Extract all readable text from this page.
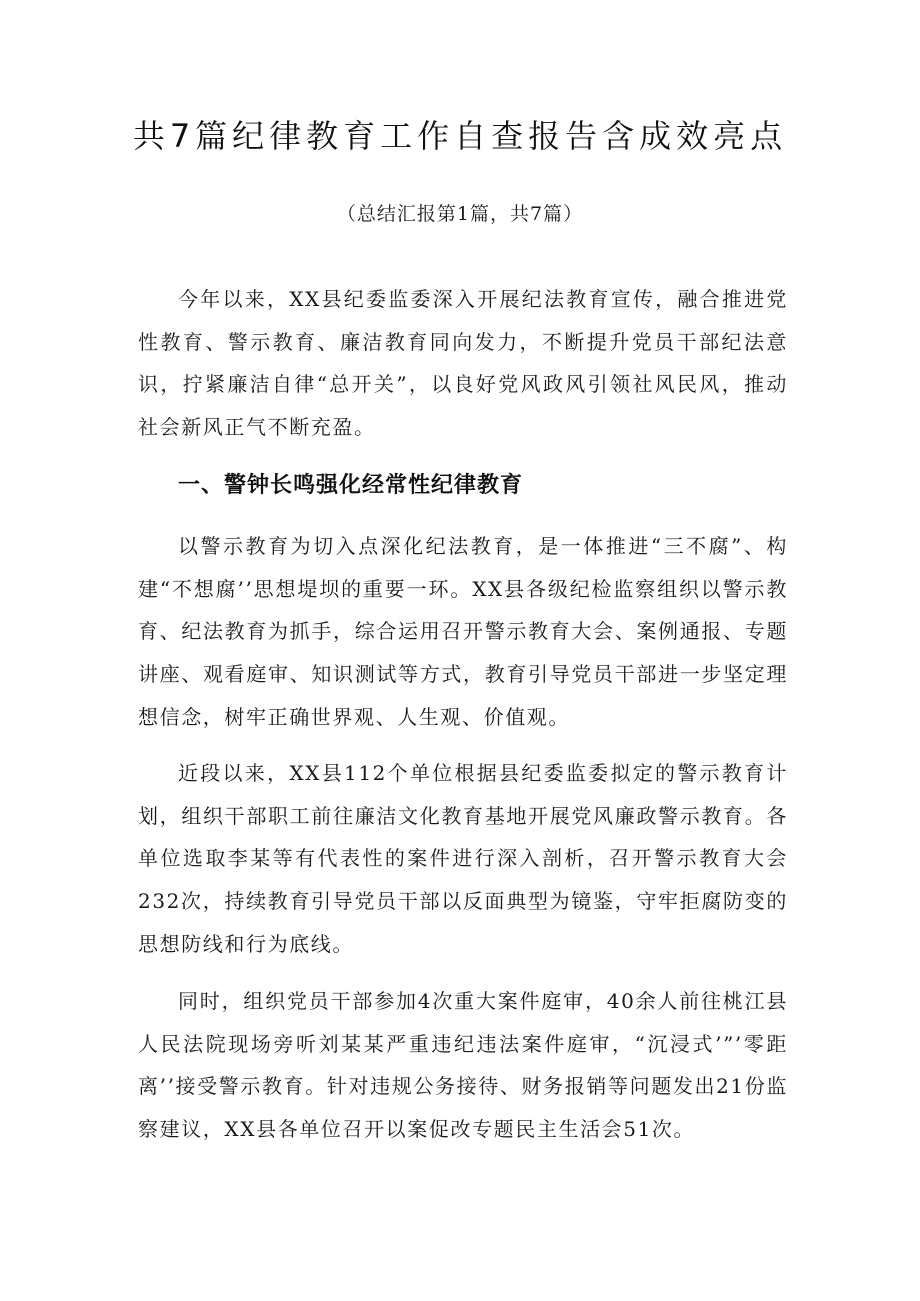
共7篇纪律教育工作自查报告含成效亮点

（总结汇报第1篇，共7篇）

今年以来，XX县纪委监委深入开展纪法教育宣传，融合推进党性教育、警示教育、廉洁教育同向发力，不断提升党员干部纪法意识，拧紧廉洁自律“总开关”，以良好党风政风引领社风民风，推动社会新风正气不断充盈。

一、警钟长鸣强化经常性纪律教育

以警示教育为切入点深化纪法教育，是一体推进“三不腐”、构建“不想腐’’思想堤坝的重要一环。XX县各级纪检监察组织以警示教育、纪法教育为抓手，综合运用召开警示教育大会、案例通报、专题讲座、观看庭审、知识测试等方式，教育引导党员干部进一步坚定理想信念，树牢正确世界观、人生观、价值观。

近段以来，XX县112个单位根据县纪委监委拟定的警示教育计划，组织干部职工前往廉洁文化教育基地开展党风廉政警示教育。各单位选取李某等有代表性的案件进行深入剖析，召开警示教育大会232次，持续教育引导党员干部以反面典型为镜鉴，守牢拒腐防变的思想防线和行为底线。

同时，组织党员干部参加4次重大案件庭审，40余人前往桃江县人民法院现场旁听刘某某严重违纪违法案件庭审，“沉浸式’”’零距离’’接受警示教育。针对违规公务接待、财务报销等问题发出21份监察建议，XX县各单位召开以案促改专题民主生活会51次。
